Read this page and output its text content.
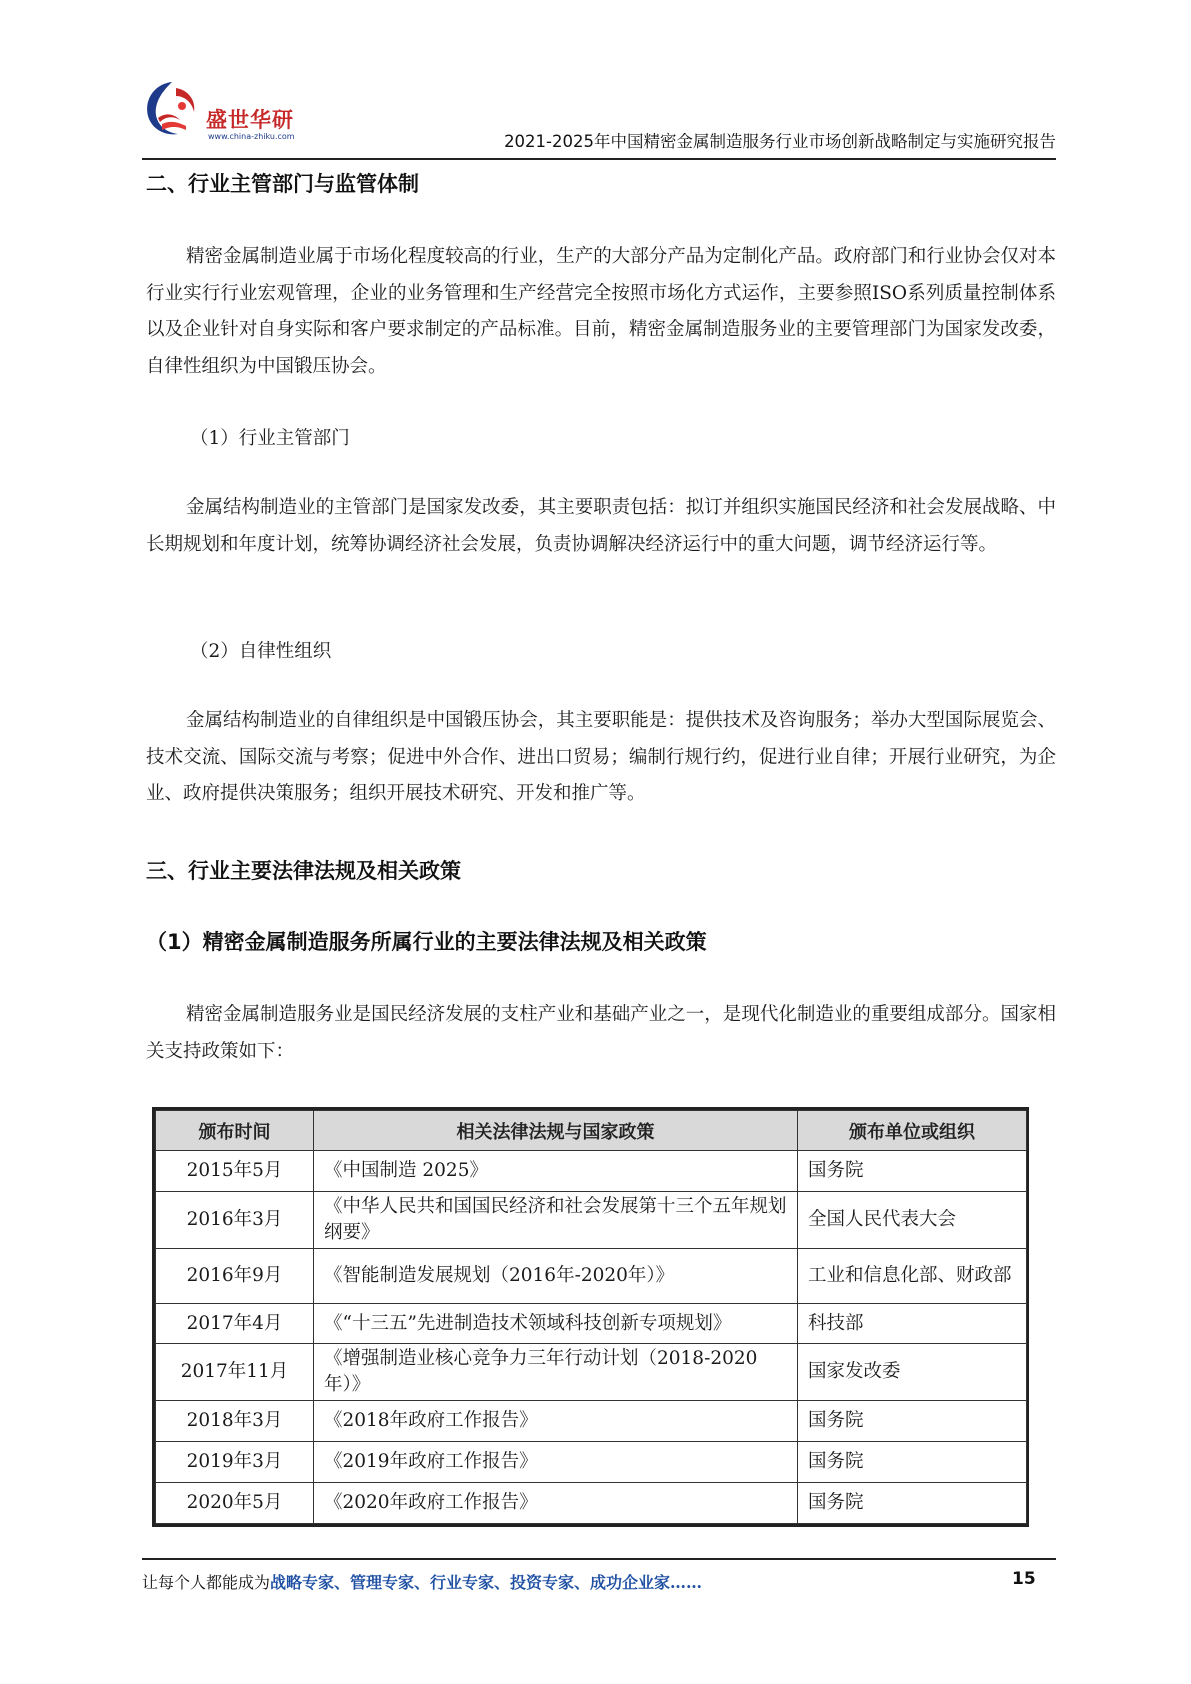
盛世华研
www.china-zhiku.com	2021-2025年中国精密金属制造服务行业市场创新战略制定与实施研究报告
二、行业主管部门与监管体制
精密金属制造业属于市场化程度较高的行业，生产的大部分产品为定制化产品。政府部门和行业协会仅对本行业实行行业宏观管理，企业的业务管理和生产经营完全按照市场化方式运作，主要参照ISO系列质量控制体系以及企业针对自身实际和客户要求制定的产品标准。目前，精密金属制造服务业的主要管理部门为国家发改委，自律性组织为中国锻压协会。
（1）行业主管部门
金属结构制造业的主管部门是国家发改委，其主要职责包括：拟订并组织实施国民经济和社会发展战略、中长期规划和年度计划，统筹协调经济社会发展，负责协调解决经济运行中的重大问题，调节经济运行等。
（2）自律性组织
金属结构制造业的自律组织是中国锻压协会，其主要职能是：提供技术及咨询服务；举办大型国际展览会、技术交流、国际交流与考察；促进中外合作、进出口贸易；编制行规行约，促进行业自律；开展行业研究，为企业、政府提供决策服务；组织开展技术研究、开发和推广等。
三、行业主要法律法规及相关政策
（1）精密金属制造服务所属行业的主要法律法规及相关政策
精密金属制造服务业是国民经济发展的支柱产业和基础产业之一，是现代化制造业的重要组成部分。国家相关支持政策如下：
颁布时间	相关法律法规与国家政策	颁布单位或组织
2015年5月	《中国制造 2025》	国务院
2016年3月	《中华人民共和国国民经济和社会发展第十三个五年规划纲要》	全国人民代表大会
2016年9月	《智能制造发展规划（2016年-2020年）》	工业和信息化部、财政部
2017年4月	《“十三五”先进制造技术领域科技创新专项规划》	科技部
2017年11月	《增强制造业核心竞争力三年行动计划（2018-2020年）》	国家发改委
2018年3月	《2018年政府工作报告》	国务院
2019年3月	《2019年政府工作报告》	国务院
2020年5月	《2020年政府工作报告》	国务院
让每个人都能成为战略专家、管理专家、行业专家、投资专家、成功企业家……	15
